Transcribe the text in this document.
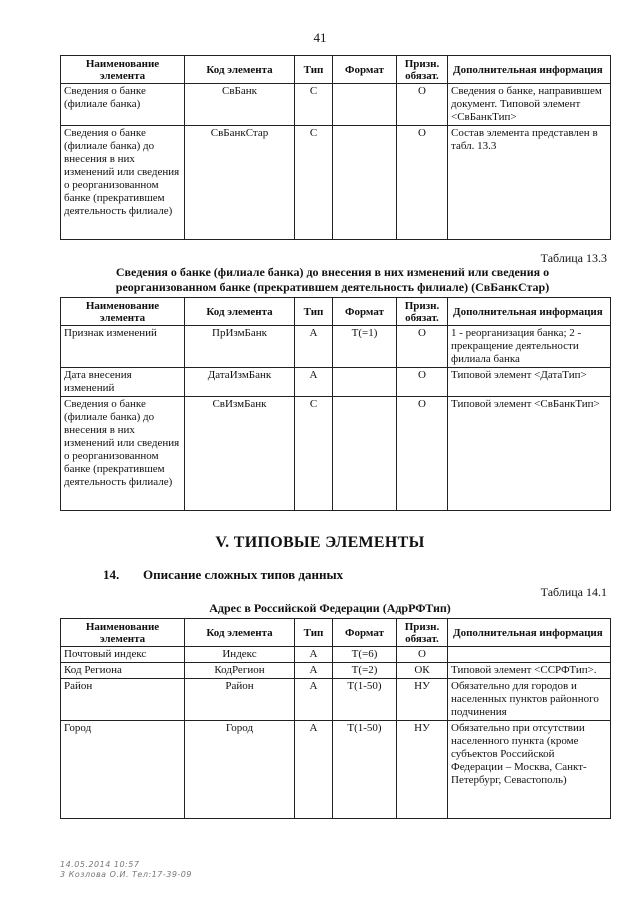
41
Наименование элемента	Код элемента	Тип	Формат	Призн. обязат.	Дополнительная информация
Сведения о банке (филиале банка)	СвБанк	С		О	Сведения о банке, направившем документ. Типовой элемент <СвБанкТип>
Сведения о банке (филиале банка) до внесения в них изменений или сведения о реорганизованном банке (прекратившем деятельность филиале)	СвБанкСтар	С		О	Состав элемента представлен в табл. 13.3
Таблица 13.3
Сведения о банке (филиале банка) до внесения в них изменений или сведения о реорганизованном банке (прекратившем деятельность филиале) (СвБанкСтар)
Наименование элемента	Код элемента	Тип	Формат	Призн. обязат.	Дополнительная информация
Признак изменений	ПрИзмБанк	А	Т(=1)	О	1 - реорганизация банка; 2 - прекращение деятельности филиала банка
Дата внесения изменений	ДатаИзмБанк	А		О	Типовой элемент <ДатаТип>
Сведения о банке (филиале банка) до внесения в них изменений или сведения о реорганизованном банке (прекратившем деятельность филиале)	СвИзмБанк	С		О	Типовой элемент <СвБанкТип>
V. ТИПОВЫЕ ЭЛЕМЕНТЫ
14. Описание сложных типов данных
Таблица 14.1
Адрес в Российской Федерации (АдрРФТип)
Наименование элемента	Код элемента	Тип	Формат	Призн. обязат.	Дополнительная информация
Почтовый индекс	Индекс	А	Т(=6)	О	
Код Региона	КодРегион	А	Т(=2)	ОК	Типовой элемент <ССРФТип>.
Район	Район	А	Т(1-50)	НУ	Обязательно для городов и населенных пунктов районного подчинения
Город	Город	А	Т(1-50)	НУ	Обязательно при отсутствии населенного пункта (кроме субъектов Российской Федерации – Москва, Санкт-Петербург, Севастополь)
14.05.2014 10:57
3 Козлова О.И. Тел:17-39-09
